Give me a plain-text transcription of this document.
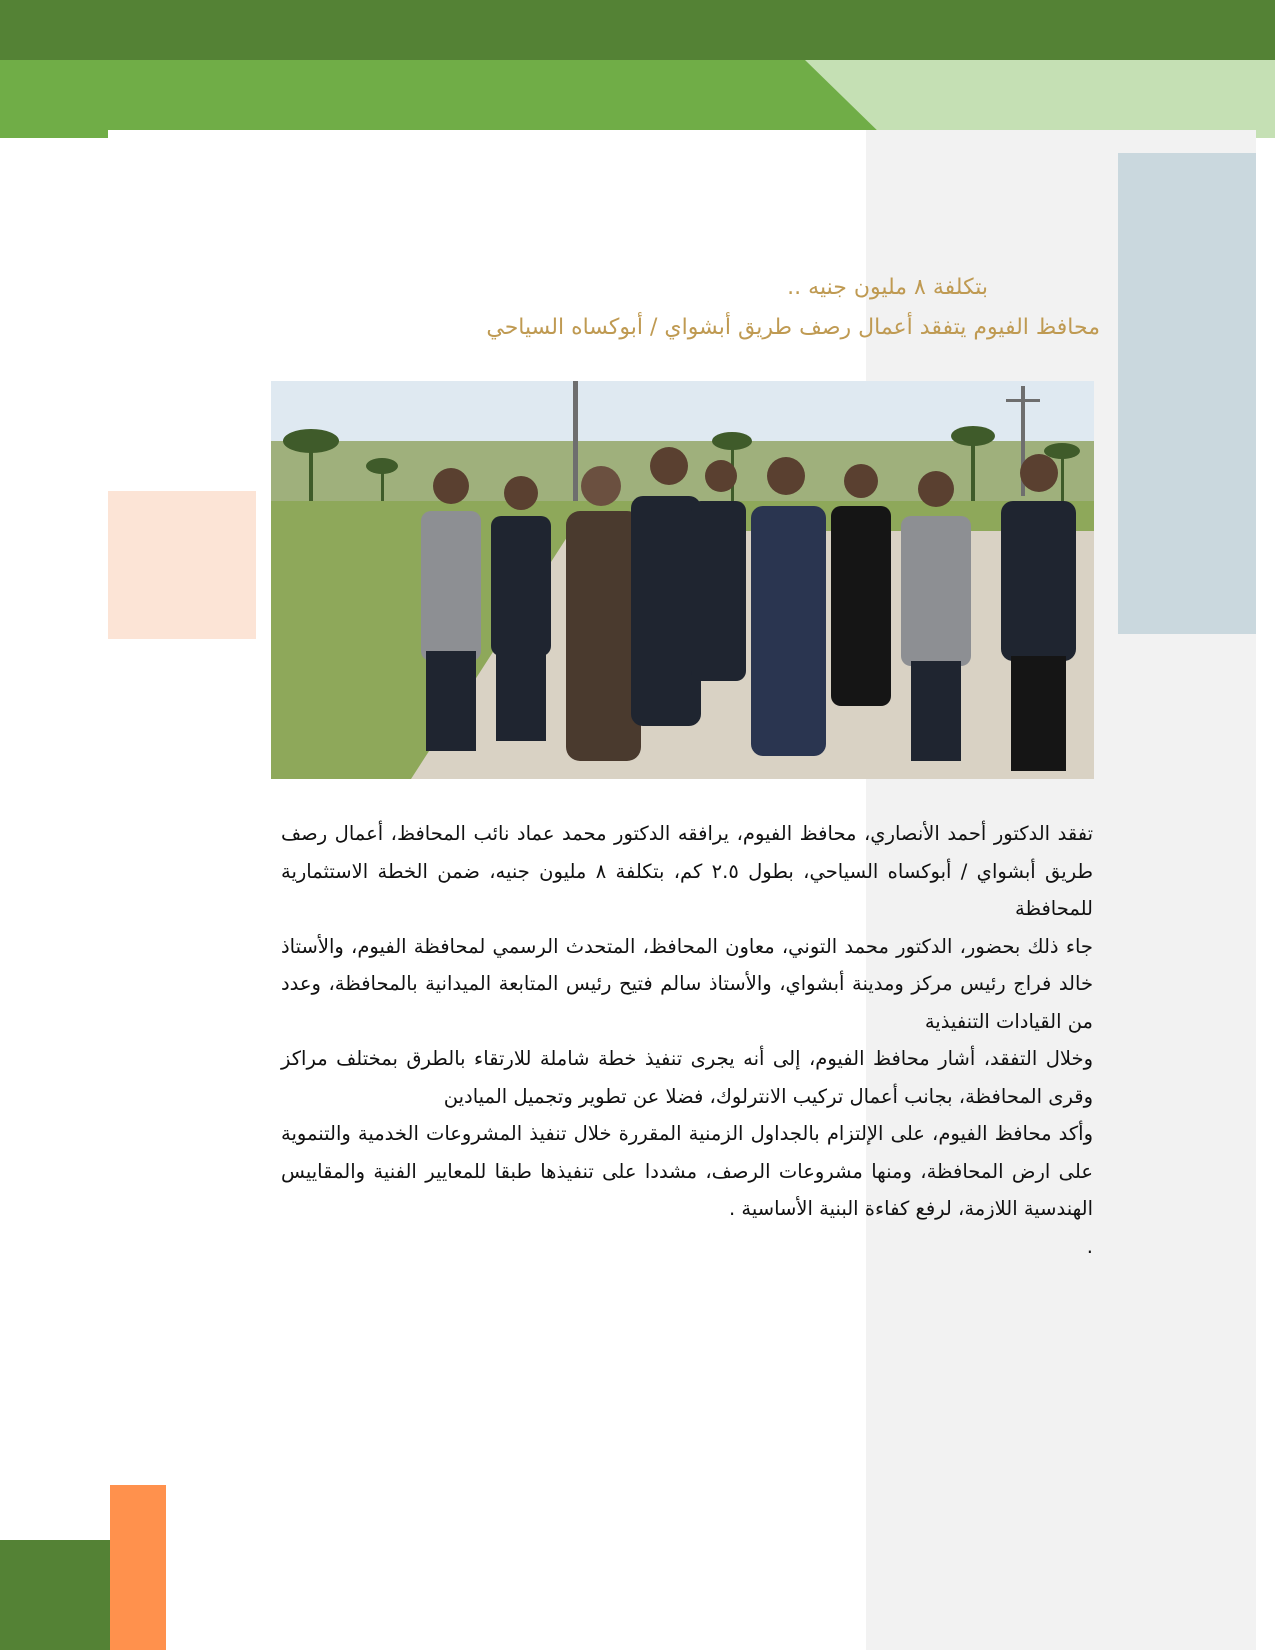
بتكلفة ٨ مليون جنيه ..
محافظ الفيوم يتفقد أعمال رصف طريق أبشواي / أبوكساه السياحي

تفقد الدكتور أحمد الأنصاري، محافظ الفيوم، يرافقه الدكتور محمد عماد نائب المحافظ، أعمال رصف طريق أبشواي / أبوكساه السياحي، بطول ٢.٥ كم، بتكلفة ٨ مليون جنيه، ضمن الخطة الاستثمارية للمحافظة

جاء ذلك بحضور، الدكتور محمد التوني، معاون المحافظ، المتحدث الرسمي لمحافظة الفيوم، والأستاذ خالد فراج رئيس مركز ومدينة أبشواي، والأستاذ سالم فتيح رئيس المتابعة الميدانية بالمحافظة، وعدد من القيادات التنفيذية

وخلال التفقد، أشار محافظ الفيوم، إلى أنه يجرى تنفيذ خطة شاملة للارتقاء بالطرق بمختلف مراكز وقرى المحافظة، بجانب أعمال تركيب الانترلوك، فضلا عن تطوير وتجميل الميادين

وأكد محافظ الفيوم، على الإلتزام بالجداول الزمنية المقررة خلال تنفيذ المشروعات الخدمية والتنموية على ارض المحافظة، ومنها مشروعات الرصف، مشددا على تنفيذها طبقا للمعايير الفنية والمقاييس الهندسية اللازمة، لرفع كفاءة البنية الأساسية .

.
